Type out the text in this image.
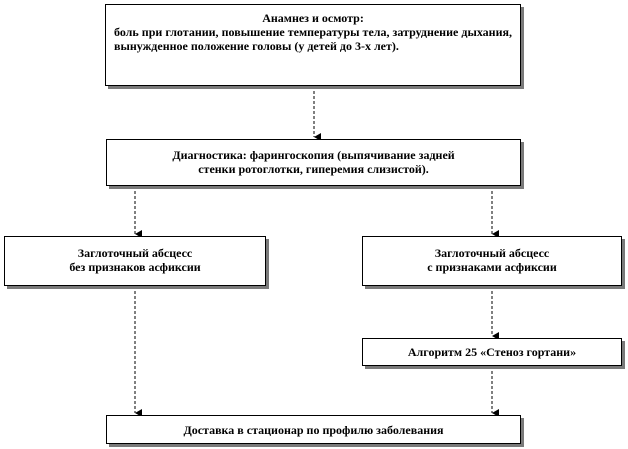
Анамнез и осмотр:
боль при глотании, повышение температуры тела, затруднение дыхания, вынужденное положение головы (у детей до 3-х лет).
Диагностика: фарингоскопия (выпячивание задней
стенки ротоглотки, гиперемия слизистой).
Заглоточный абсцесс
без признаков асфиксии
Заглоточный абсцесс
с признаками асфиксии
Алгоритм 25 «Стеноз гортани»
Доставка в стационар по профилю заболевания
